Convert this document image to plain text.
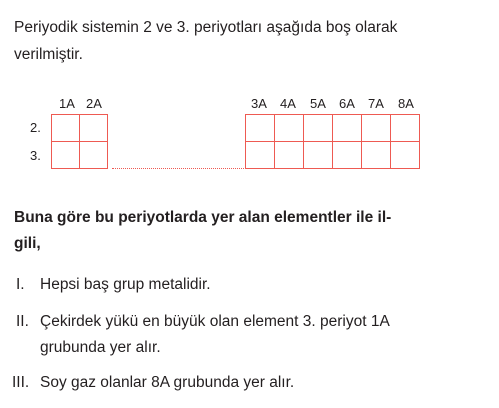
Periyodik sistemin 2 ve 3. periyotları aşağıda boş olarak

verilmiştir.

1A 2A	3A	4A	5A	6A	7A	8A
2.
3.

Buna göre bu periyotlarda yer alan elementler ile il-

gili,

I. Hepsi baş grup metalidir.
II. Çekirdek yükü en büyük olan element 3. periyot 1A
grubunda yer alır.
III. Soy gaz olanlar 8A grubunda yer alır.
